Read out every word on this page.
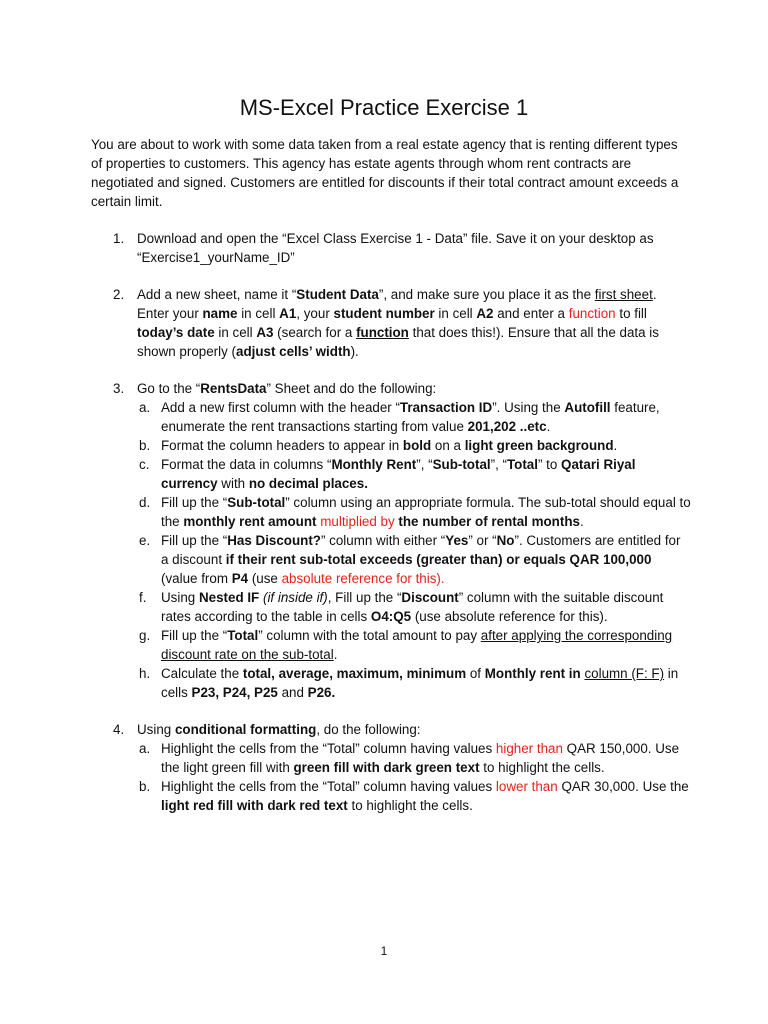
MS-Excel Practice Exercise 1
You are about to work with some data taken from a real estate agency that is renting different types of properties to customers. This agency has estate agents through whom rent contracts are negotiated and signed. Customers are entitled for discounts if their total contract amount exceeds a certain limit.
1. Download and open the “Excel Class Exercise 1 - Data” file. Save it on your desktop as “Exercise1_yourName_ID”
2. Add a new sheet, name it “Student Data”, and make sure you place it as the first sheet. Enter your name in cell A1, your student number in cell A2 and enter a function to fill today’s date in cell A3 (search for a function that does this!). Ensure that all the data is shown properly (adjust cells’ width).
3. Go to the “RentsData” Sheet and do the following:
a. Add a new first column with the header “Transaction ID”. Using the Autofill feature, enumerate the rent transactions starting from value 201,202 ..etc.
b. Format the column headers to appear in bold on a light green background.
c. Format the data in columns “Monthly Rent”, “Sub-total”, “Total” to Qatari Riyal currency with no decimal places.
d. Fill up the “Sub-total” column using an appropriate formula. The sub-total should equal to the monthly rent amount multiplied by the number of rental months.
e. Fill up the “Has Discount?” column with either “Yes” or “No”. Customers are entitled for a discount if their rent sub-total exceeds (greater than) or equals QAR 100,000 (value from P4 (use absolute reference for this).
f. Using Nested IF (if inside if), Fill up the “Discount” column with the suitable discount rates according to the table in cells O4:Q5 (use absolute reference for this).
g. Fill up the “Total” column with the total amount to pay after applying the corresponding discount rate on the sub-total.
h. Calculate the total, average, maximum, minimum of Monthly rent in column (F: F) in cells P23, P24, P25 and P26.
4. Using conditional formatting, do the following:
a. Highlight the cells from the “Total” column having values higher than QAR 150,000. Use the light green fill with green fill with dark green text to highlight the cells.
b. Highlight the cells from the “Total” column having values lower than QAR 30,000. Use the light red fill with dark red text to highlight the cells.
1
